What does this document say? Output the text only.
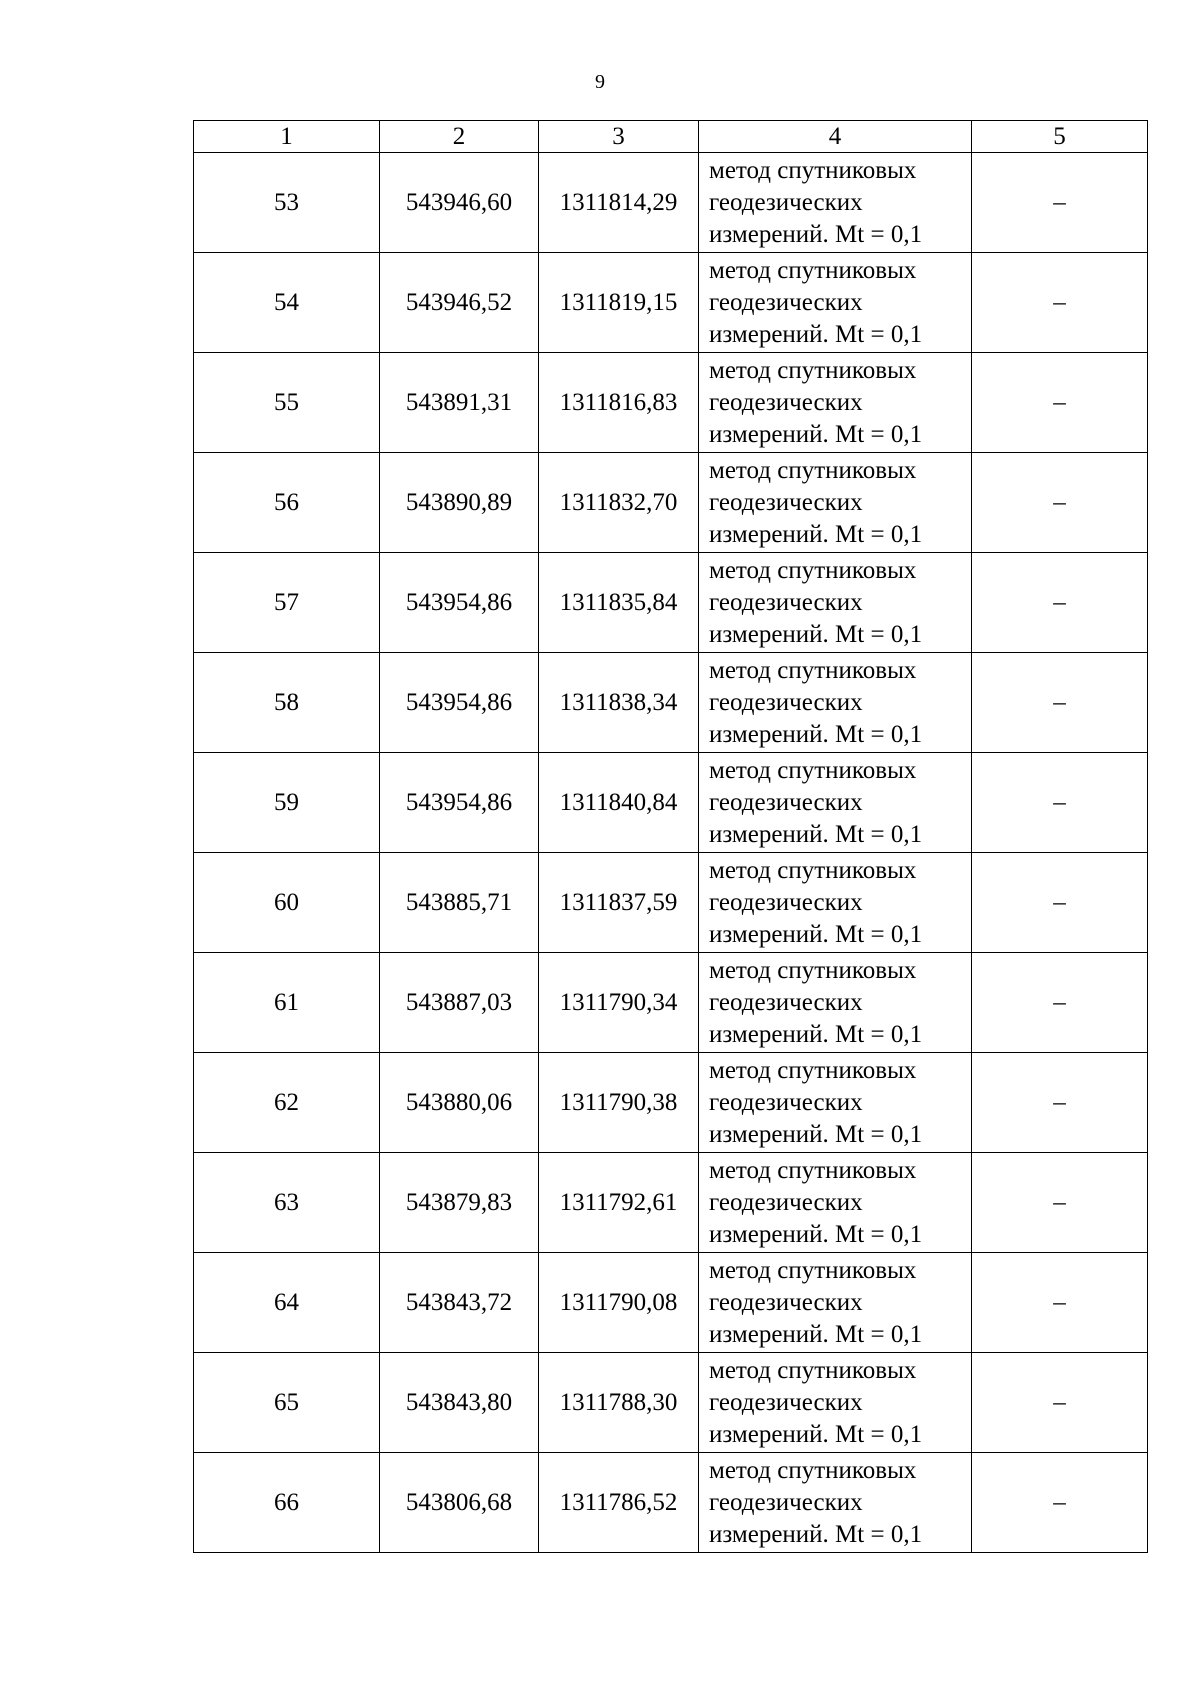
9
1	2	3	4	5
53	543946,60	1311814,29	метод спутниковых
геодезических
измерений. Mt = 0,1	–
54	543946,52	1311819,15	метод спутниковых
геодезических
измерений. Mt = 0,1	–
55	543891,31	1311816,83	метод спутниковых
геодезических
измерений. Mt = 0,1	–
56	543890,89	1311832,70	метод спутниковых
геодезических
измерений. Mt = 0,1	–
57	543954,86	1311835,84	метод спутниковых
геодезических
измерений. Mt = 0,1	–
58	543954,86	1311838,34	метод спутниковых
геодезических
измерений. Mt = 0,1	–
59	543954,86	1311840,84	метод спутниковых
геодезических
измерений. Mt = 0,1	–
60	543885,71	1311837,59	метод спутниковых
геодезических
измерений. Mt = 0,1	–
61	543887,03	1311790,34	метод спутниковых
геодезических
измерений. Mt = 0,1	–
62	543880,06	1311790,38	метод спутниковых
геодезических
измерений. Mt = 0,1	–
63	543879,83	1311792,61	метод спутниковых
геодезических
измерений. Mt = 0,1	–
64	543843,72	1311790,08	метод спутниковых
геодезических
измерений. Mt = 0,1	–
65	543843,80	1311788,30	метод спутниковых
геодезических
измерений. Mt = 0,1	–
66	543806,68	1311786,52	метод спутниковых
геодезических
измерений. Mt = 0,1	–
